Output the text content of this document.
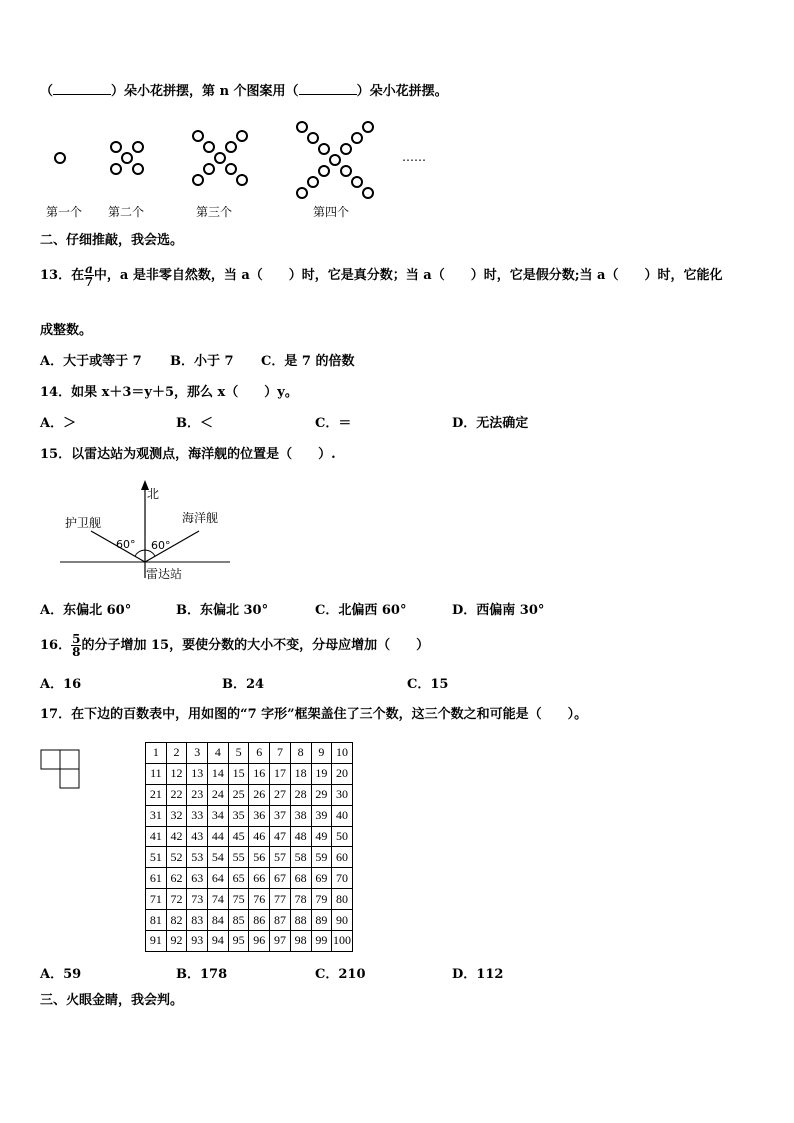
（	）朵小花拼摆，第 n 个图案用（	）朵小花拼摆。
……
第一个 第二个	第三个	第四个
二、仔细推敲，我会选。
13．在 $\frac{a}{7}$ 中，a 是非零自然数，当 a（　　）时，它是真分数；当 a（　　）时，它是假分数;当 a（　　）时，它能化
成整数。
A．大于或等于 7 B．小于 7 C．是 7 的倍数
14．如果 x＋3＝y＋5，那么 x（　　）y。
A．＞	B．＜	C．＝	D．无法确定
15．以雷达站为观测点，海洋舰的位置是（　　）.
北
护卫舰	海洋舰
60° 60°
雷达站
A．东偏北 60°	B．东偏北 30°	C．北偏西 60°	D．西偏南 30°
16． $\frac{5}{8}$ 的分子增加 15，要使分数的大小不变，分母应增加（　　）
A．16	B．24	C．15
17．在下边的百数表中，用如图的“7 字形”框架盖住了三个数，这三个数之和可能是（　　）。
1	2	3	4	5	6	7	8	9	10
11	12	13	14	15	16	17	18	19	20
21	22	23	24	25	26	27	28	29	30
31	32	33	34	35	36	37	38	39	40
41	42	43	44	45	46	47	48	49	50
51	52	53	54	55	56	57	58	59	60
61	62	63	64	65	66	67	68	69	70
71	72	73	74	75	76	77	78	79	80
81	82	83	84	85	86	87	88	89	90
91	92	93	94	95	96	97	98	99	100
A．59	B．178	C．210	D．112
三、火眼金睛，我会判。
